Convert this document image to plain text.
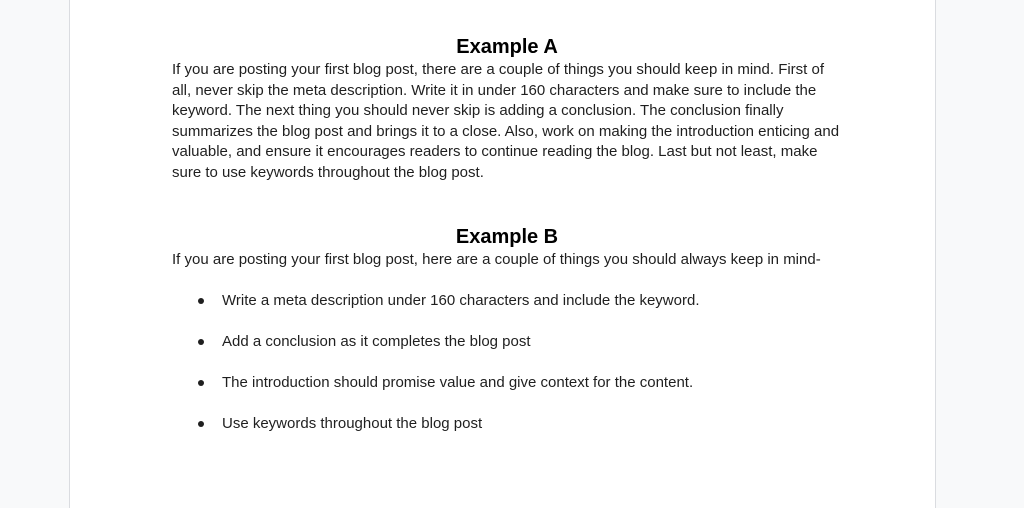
Example A

If you are posting your first blog post, there are a couple of things you should keep in mind. First of all, never skip the meta description. Write it in under 160 characters and make sure to include the keyword. The next thing you should never skip is adding a conclusion. The conclusion finally summarizes the blog post and brings it to a close. Also, work on making the introduction enticing and valuable, and ensure it encourages readers to continue reading the blog. Last but not least, make sure to use keywords throughout the blog post.

Example B

If you are posting your first blog post, here are a couple of things you should always keep in mind-

Write a meta description under 160 characters and include the keyword.
Add a conclusion as it completes the blog post
The introduction should promise value and give context for the content.
Use keywords throughout the blog post
